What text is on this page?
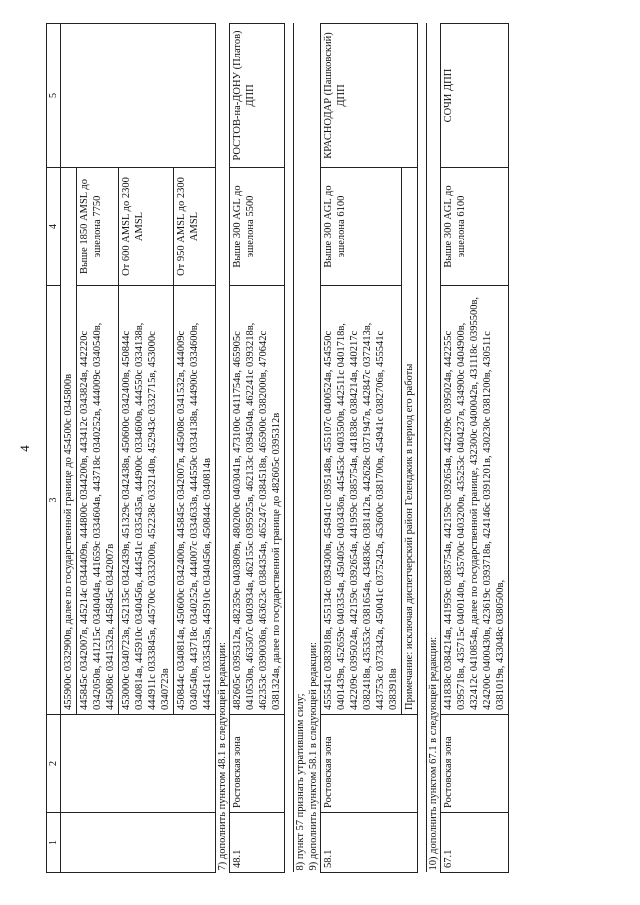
4
1	2	3	4	5
		455900с 0332900в, далее по государственной границе до 454500с 0345800в		
		445845с 0342007в, 445214с 0344409в, 444800с 0344200в, 443412с 0343824в, 442220с 0342050в, 441215с 0340404в, 441659с 0334604в, 443718с 0340252в, 444009с 0340540в, 445008с 0341532в, 445845с 0342007в	Выше 1850 AMSL до эшелона 7750	
		453000с 0340723в, 452135с 0342439в, 451329с 0342438в, 450600с 0342400в, 450844с 0340814в, 445910с 0340456в, 444541с 0335435в, 444900с 0334600в, 444550с 0334138в, 444911с 0333845в, 445700с 0333200в, 452238с 0332140в, 452943с 0332715в, 453000с 0340723в	От 600 AMSL до 2300 AMSL	
		450844с 0340814в, 450600с 0342400в, 445845с 0342007в, 445008с 0341532в, 444009с 0340540в, 443718с 0340252в, 444007с 0334633в, 444550с 0334138в, 444900с 0334600в, 444541с 0335435в, 445910с 0340456в, 450844с 0340814в	От 950 AMSL до 2300 AMSL	
7) дополнить пунктом 48.1 в следующей редакции:				
48.1	Ростовская зона	482605с 0395312в, 482359с 0403809в, 480200с 0403041в, 473100с 0411754в, 465905с 0410530в, 463507с 0403934в, 462155с 0395925в, 462133с 0394504в, 462241с 0393218в, 462353с 0390036в, 463623с 0384354в, 465247с 0384518в, 465900с 0382000в, 470642с 0381324в, далее по государственной границе до 482605с 0395312в	Выше 300 AGL до эшелона 5500	РОСТОВ-на-ДОНУ (Платов) ДПП

8) пункт 57 признать утратившим силу;				
9) дополнить пунктом 58.1 в следующей редакции:				
58.1	Ростовская зона	455541с 0383918в, 455134с 0394300в, 454941с 0395148в, 455107с 0400524в, 454550с 0401439в, 452659с 0403354в, 450405с 0403436в, 445453с 0403500в, 442511с 0401718в, 442209с 0395024в, 442159с 0392654в, 441959с 0385754в, 441838с 0384214в, 440217с 0382418в, 435353с 0381654в, 434836с 0381412в, 442628с 0371947в, 442847с 0372413в, 443753с 0373342в, 450041с 0375242в, 453600с 0381700в, 454941с 0382706в, 455541с 0383918в	Выше 300 AGL до эшелона 6100	КРАСНОДАР (Пашковский) ДПП
		Примечание: исключая диспетчерский район Геленджик в период его работы		

10) дополнить пунктом 67.1 в следующей редакции:				
67.1	Ростовская зона	441838с 0384214в, 441959с 0385754в, 442159с 0392654в, 442209с 0395024в, 442255с 0395718в, 435715с 0400140в, 435700с 0403200в, 435253с 0404237в, 434900с 0404900в, 432412с 0410854в, далее по государственной границе, 432300с 0400042в, 431118с 0395500в, 424200с 0400430в, 423619с 0393718в, 424146с 0391201в, 430230с 0381200в, 430511с 0381019в, 433048с 0380500в,	Выше 300 AGL до эшелона 6100	СОЧИ ДПП
